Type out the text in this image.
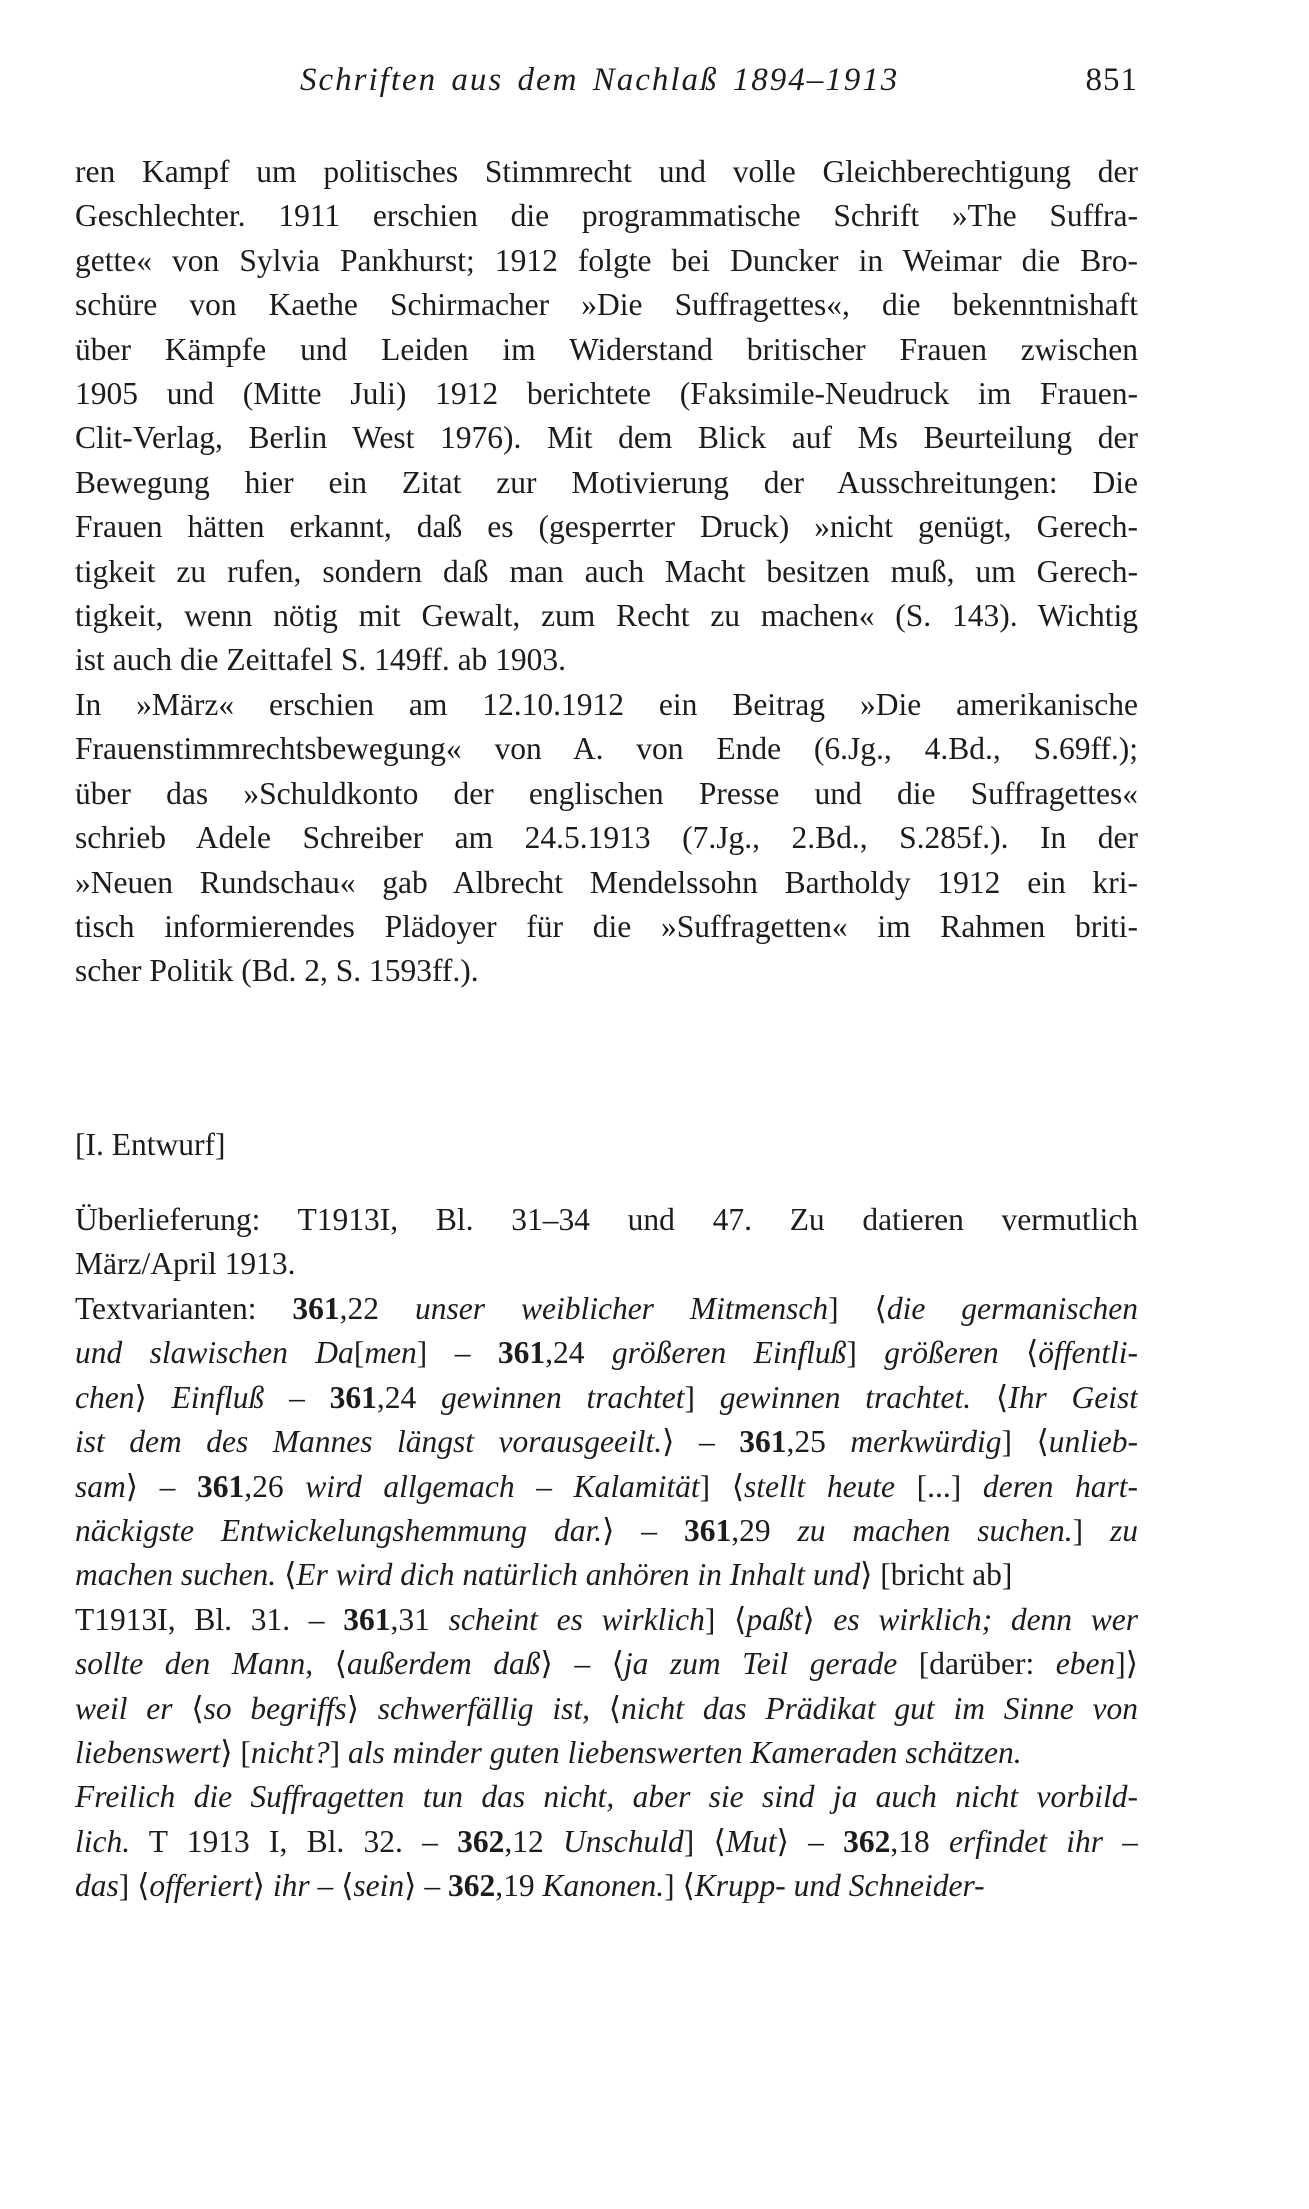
Schriften aus dem Nachlaß 1894–1913	851
ren Kampf um politisches Stimmrecht und volle Gleichberechtigung der
Geschlechter. 1911 erschien die programmatische Schrift »The Suffra-
gette« von Sylvia Pankhurst; 1912 folgte bei Duncker in Weimar die Bro-
schüre von Kaethe Schirmacher »Die Suffragettes«, die bekenntnishaft
über Kämpfe und Leiden im Widerstand britischer Frauen zwischen
1905 und (Mitte Juli) 1912 berichtete (Faksimile-Neudruck im Frauen-
Clit-Verlag, Berlin West 1976). Mit dem Blick auf Ms Beurteilung der
Bewegung hier ein Zitat zur Motivierung der Ausschreitungen: Die
Frauen hätten erkannt, daß es (gesperrter Druck) »nicht genügt, Gerech-
tigkeit zu rufen, sondern daß man auch Macht besitzen muß, um Gerech-
tigkeit, wenn nötig mit Gewalt, zum Recht zu machen« (S. 143). Wichtig
ist auch die Zeittafel S. 149ff. ab 1903.
In »März« erschien am 12.10.1912 ein Beitrag »Die amerikanische
Frauenstimmrechtsbewegung« von A. von Ende (6.Jg., 4.Bd., S.69ff.);
über das »Schuldkonto der englischen Presse und die Suffragettes«
schrieb Adele Schreiber am 24.5.1913 (7.Jg., 2.Bd., S.285f.). In der
»Neuen Rundschau« gab Albrecht Mendelssohn Bartholdy 1912 ein kri-
tisch informierendes Plädoyer für die »Suffragetten« im Rahmen briti-
scher Politik (Bd. 2, S. 1593ff.).
[I. Entwurf]
Überlieferung: T1913I, Bl. 31–34 und 47. Zu datieren vermutlich
März/April 1913.
Textvarianten: 361,22 unser weiblicher Mitmensch] ⟨die germanischen
und slawischen Da[men] – 361,24 größeren Einfluß] größeren ⟨öffentli-
chen⟩ Einfluß – 361,24 gewinnen trachtet] gewinnen trachtet. ⟨Ihr Geist
ist dem des Mannes längst vorausgeeilt.⟩ – 361,25 merkwürdig] ⟨unlieb-
sam⟩ – 361,26 wird allgemach – Kalamität] ⟨stellt heute [...] deren hart-
näckigste Entwickelungshemmung dar.⟩ – 361,29 zu machen suchen.] zu
machen suchen. ⟨Er wird dich natürlich anhören in Inhalt und⟩ [bricht ab]
T1913I, Bl. 31. – 361,31 scheint es wirklich] ⟨paßt⟩ es wirklich; denn wer
sollte den Mann, ⟨außerdem daß⟩ – ⟨ja zum Teil gerade [darüber: eben]⟩
weil er ⟨so begriffs⟩ schwerfällig ist, ⟨nicht das Prädikat gut im Sinne von
liebenswert⟩ [nicht?] als minder guten liebenswerten Kameraden schätzen.
Freilich die Suffragetten tun das nicht, aber sie sind ja auch nicht vorbild-
lich. T 1913 I, Bl. 32. – 362,12 Unschuld] ⟨Mut⟩ – 362,18 erfindet ihr –
das] ⟨offeriert⟩ ihr – ⟨sein⟩ – 362,19 Kanonen.] ⟨Krupp- und Schneider-
